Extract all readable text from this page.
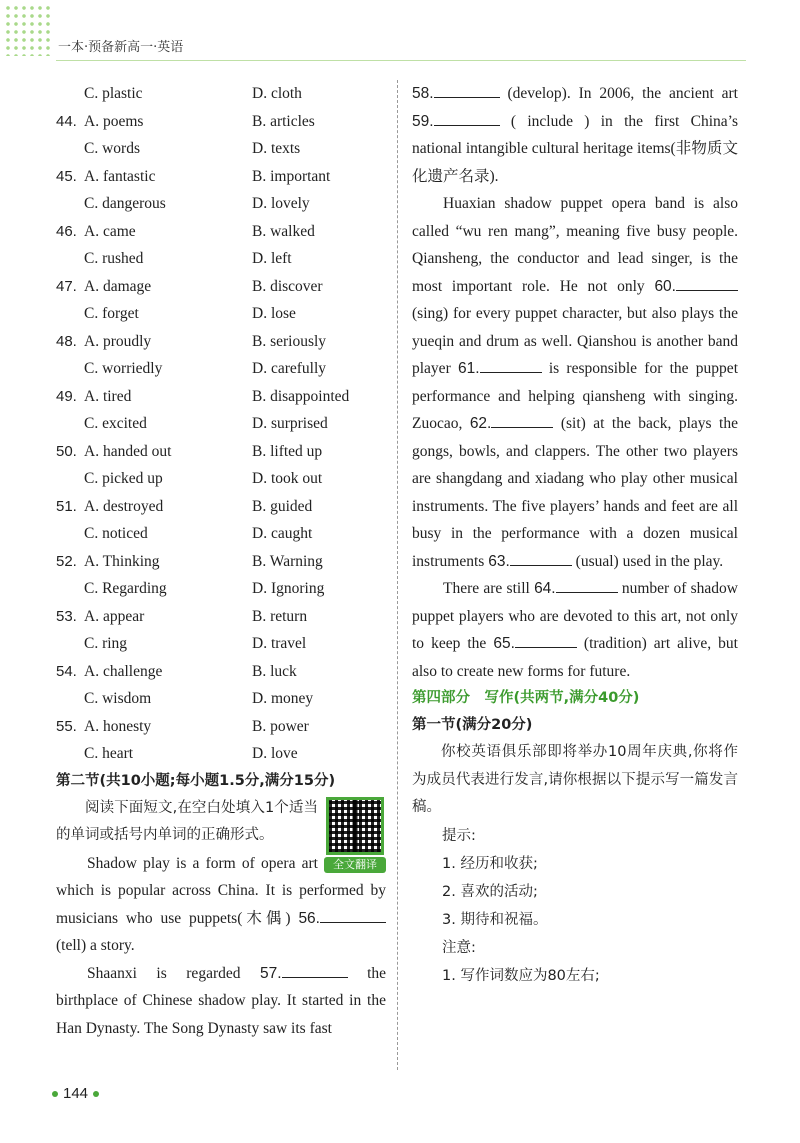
一本·预备新高一·英语
C. plastic	D. cloth
44. A. poems	B. articles
C. words	D. texts
45. A. fantastic	B. important
C. dangerous	D. lovely
46. A. came	B. walked
C. rushed	D. left
47. A. damage	B. discover
C. forget	D. lose
48. A. proudly	B. seriously
C. worriedly	D. carefully
49. A. tired	B. disappointed
C. excited	D. surprised
50. A. handed out	B. lifted up
C. picked up	D. took out
51. A. destroyed	B. guided
C. noticed	D. caught
52. A. Thinking	B. Warning
C. Regarding	D. Ignoring
53. A. appear	B. return
C. ring	D. travel
54. A. challenge	B. luck
C. wisdom	D. money
55. A. honesty	B. power
C. heart	D. love
第二节(共10小题;每小题1.5分,满分15分)
全文翻译
阅读下面短文,在空白处填入1个适当的单词或括号内单词的正确形式。
Shadow play is a form of opera art which is popular across China. It is performed by musicians who use puppets(木偶) 56. (tell) a story.
Shaanxi is regarded 57.	the birthplace of Chinese shadow play. It started in the Han Dynasty. The Song Dynasty saw its fast
58.	(develop). In 2006, the ancient art 59.	( include ) in the first China’s national intangible cultural heritage items(非物质文化遗产名录).
Huaxian shadow puppet opera band is also called “wu ren mang”, meaning five busy people. Qiansheng, the conductor and lead singer, is the most important role. He not only 60. (sing) for every puppet character, but also plays the yueqin and drum as well. Qianshou is another band player 61.	is responsible for the puppet performance and helping qiansheng with singing. Zuocao, 62.	(sit) at the back, plays the gongs, bowls, and clappers. The other two players are shangdang and xiadang who play other musical instruments. The five players’ hands and feet are all busy in the performance with a dozen musical instruments 63.	(usual) used in the play.
There are still 64.	number of shadow puppet players who are devoted to this art, not only to keep the 65.	(tradition) art alive, but also to create new forms for future.
第四部分　写作(共两节,满分40分)
第一节(满分20分)
你校英语俱乐部即将举办10周年庆典,你将作为成员代表进行发言,请你根据以下提示写一篇发言稿。
提示:
1. 经历和收获;
2. 喜欢的活动;
3. 期待和祝福。
注意:
1. 写作词数应为80左右;
144
